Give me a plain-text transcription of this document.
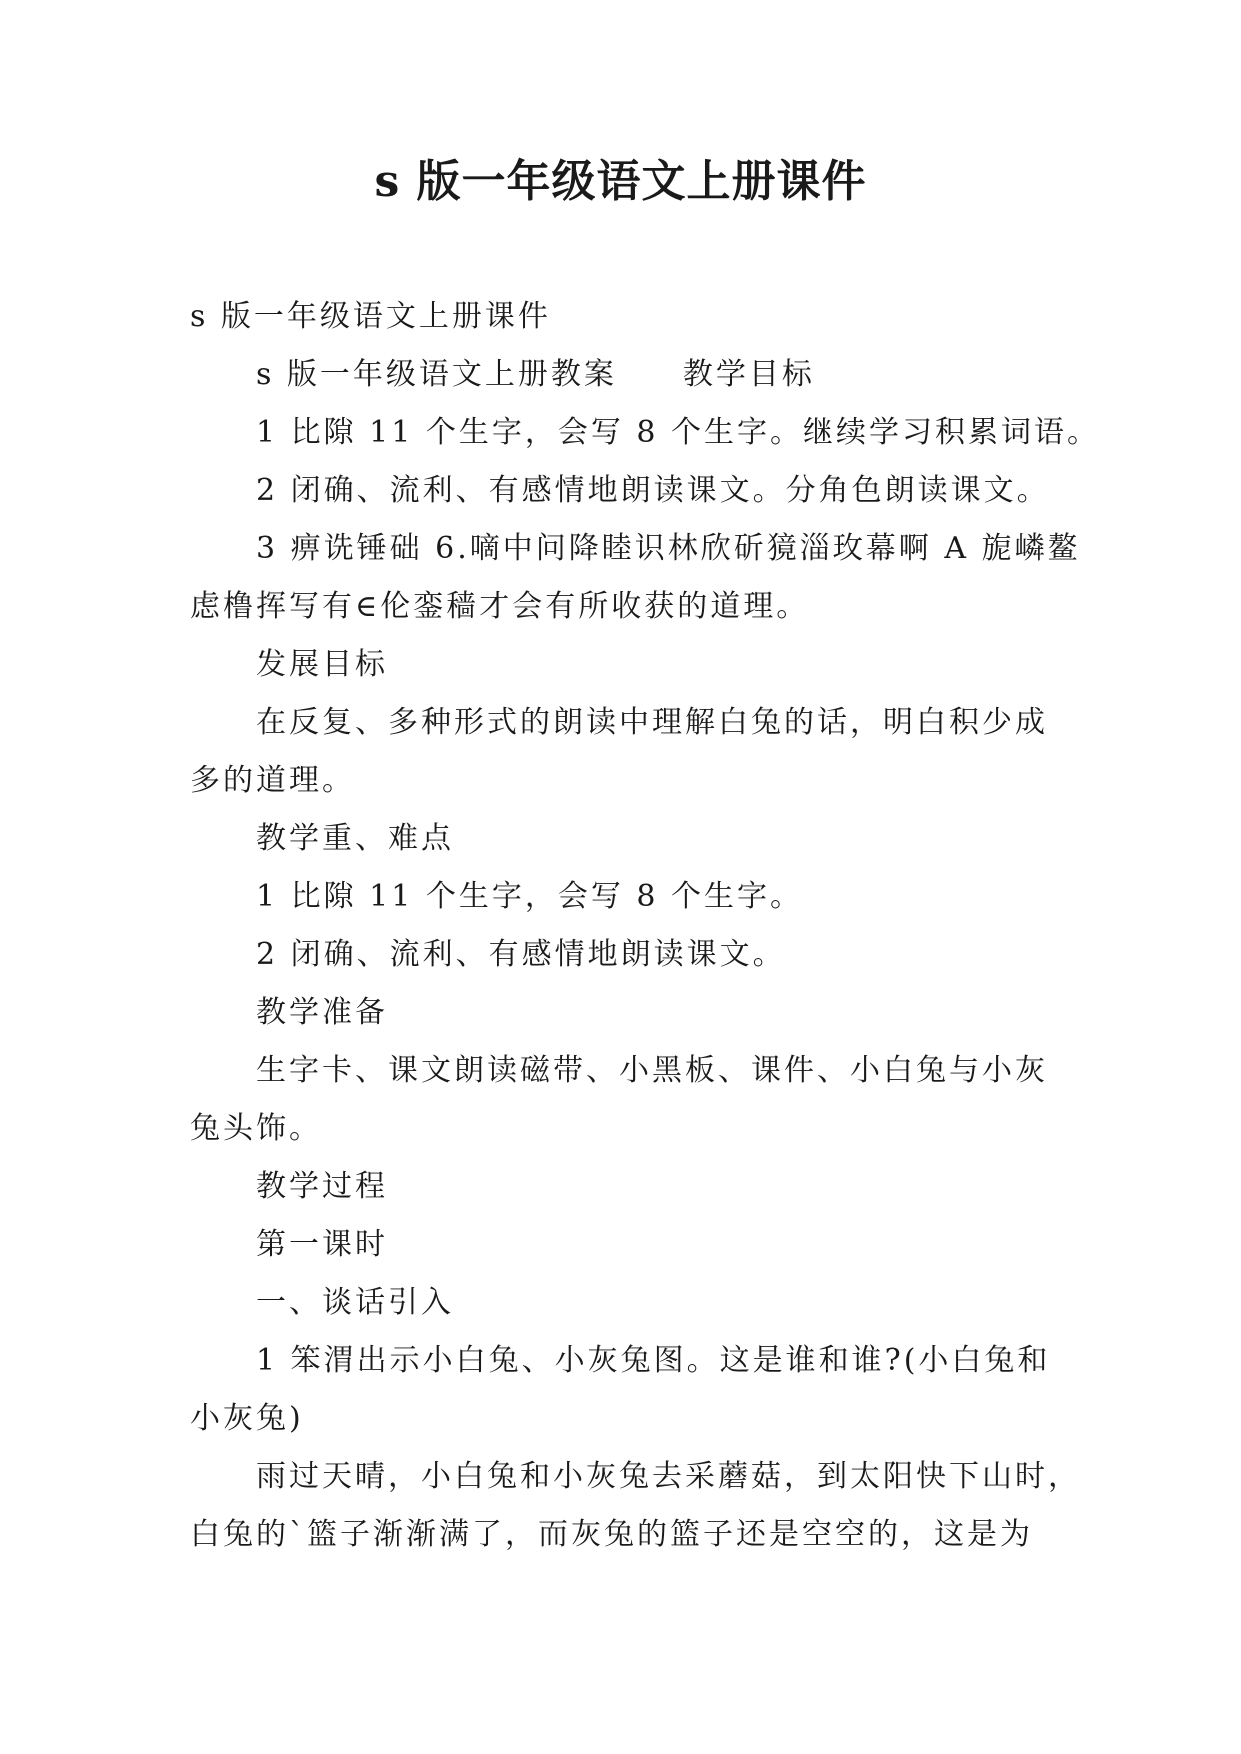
s 版一年级语文上册课件

s 版一年级语文上册课件

s 版一年级语文上册教案　　教学目标

1 比隙 11 个生字，会写 8 个生字。继续学习积累词语。

2 闭确、流利、有感情地朗读课文。分角色朗读课文。

3 痹诜锤础 6.嘀中问降睦识林欣斫獍淄玫幕啊 A 旎嶙鳌

虑橹挥写有∈伦銮穑才会有所收获的道理。

发展目标

在反复、多种形式的朗读中理解白兔的话，明白积少成

多的道理。

教学重、难点

1 比隙 11 个生字，会写 8 个生字。

2 闭确、流利、有感情地朗读课文。

教学准备

生字卡、课文朗读磁带、小黑板、课件、小白兔与小灰

兔头饰。

教学过程

第一课时

一、谈话引入

1 笨渭出示小白兔、小灰兔图。这是谁和谁?(小白兔和

小灰兔)

雨过天晴，小白兔和小灰兔去采蘑菇，到太阳快下山时，

白兔的`篮子渐渐满了，而灰兔的篮子还是空空的，这是为
